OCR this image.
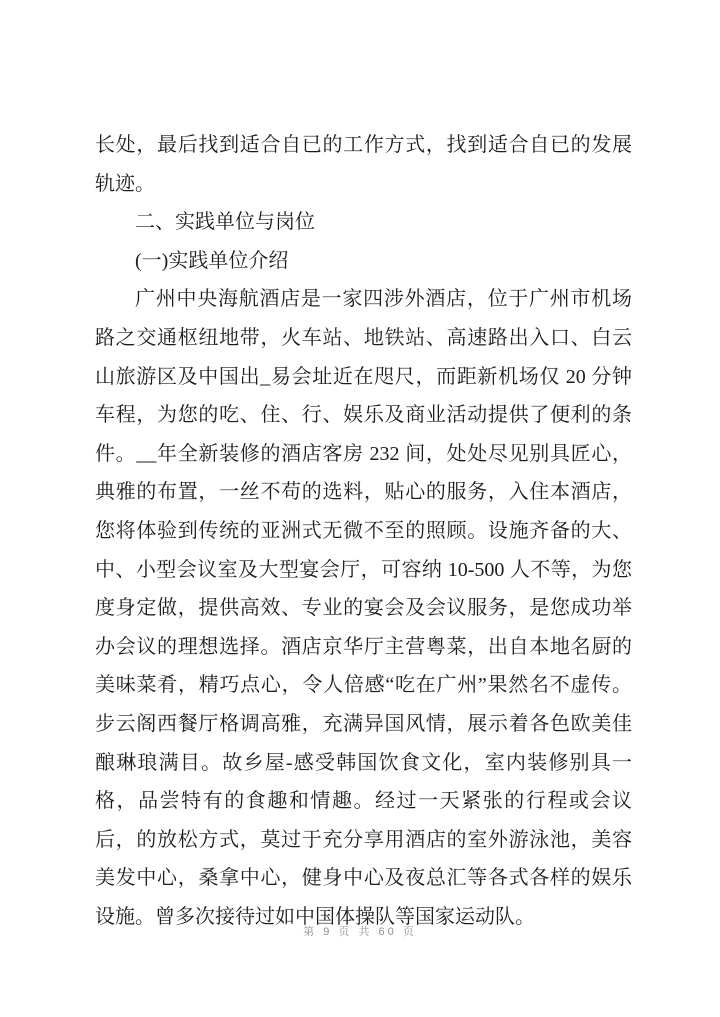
长处，最后找到适合自已的工作方式，找到适合自已的发展轨迹。

二、实践单位与岗位

(一)实践单位介绍

广州中央海航酒店是一家四涉外酒店，位于广州市机场路之交通枢纽地带，火车站、地铁站、高速路出入口、白云山旅游区及中国出_易会址近在咫尺，而距新机场仅 20 分钟车程，为您的吃、住、行、娱乐及商业活动提供了便利的条件。__年全新装修的酒店客房 232 间，处处尽见别具匠心，典雅的布置，一丝不苟的选料，贴心的服务，入住本酒店，您将体验到传统的亚洲式无微不至的照顾。设施齐备的大、中、小型会议室及大型宴会厅，可容纳 10-500 人不等，为您度身定做，提供高效、专业的宴会及会议服务，是您成功举办会议的理想选择。酒店京华厅主营粤菜，出自本地名厨的美味菜肴，精巧点心，令人倍感“吃在广州”果然名不虚传。步云阁西餐厅格调高雅，充满异国风情，展示着各色欧美佳酿琳琅满目。故乡屋-感受韩国饮食文化，室内装修别具一格，品尝特有的食趣和情趣。经过一天紧张的行程或会议后，的放松方式，莫过于充分享用酒店的室外游泳池，美容美发中心，桑拿中心，健身中心及夜总汇等各式各样的娱乐设施。曾多次接待过如中国体操队等国家运动队。

第 9 页 共 60 页
